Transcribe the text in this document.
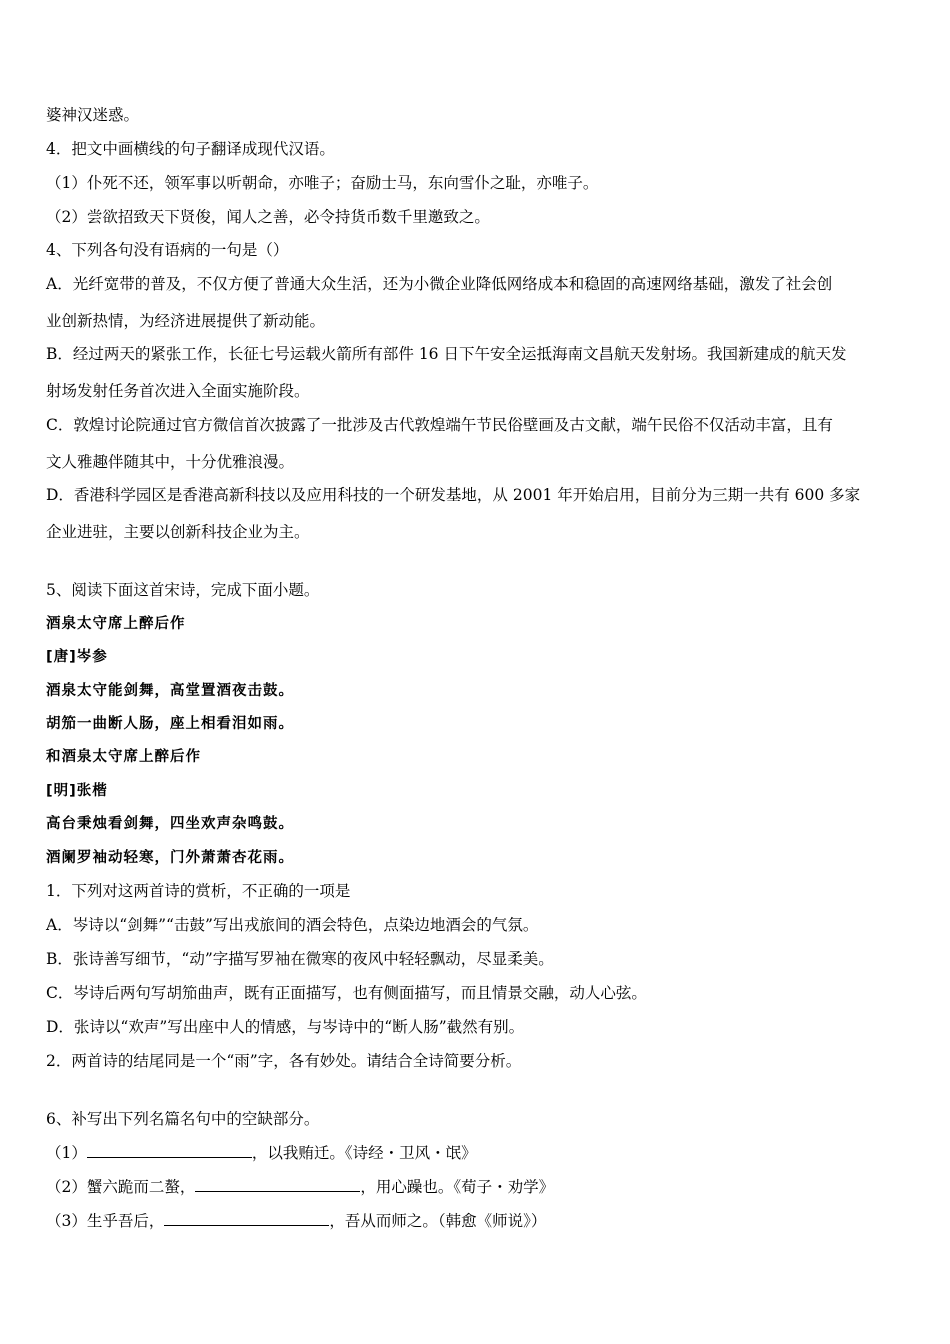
婆神汉迷惑。
4．把文中画横线的句子翻译成现代汉语。
（1）仆死不还，领军事以听朝命，亦唯子；奋励士马，东向雪仆之耻，亦唯子。
（2）尝欲招致天下贤俊，闻人之善，必令持货币数千里邀致之。
4、下列各句没有语病的一句是（）
A．光纤宽带的普及，不仅方便了普通大众生活，还为小微企业降低网络成本和稳固的高速网络基础，激发了社会创
业创新热情，为经济进展提供了新动能。
B．经过两天的紧张工作，长征七号运载火箭所有部件 16 日下午安全运抵海南文昌航天发射场。我国新建成的航天发
射场发射任务首次进入全面实施阶段。
C．敦煌讨论院通过官方微信首次披露了一批涉及古代敦煌端午节民俗壁画及古文献，端午民俗不仅活动丰富，且有
文人雅趣伴随其中，十分优雅浪漫。
D．香港科学园区是香港高新科技以及应用科技的一个研发基地，从 2001 年开始启用，目前分为三期一共有 600 多家
企业进驻，主要以创新科技企业为主。
5、阅读下面这首宋诗，完成下面小题。
酒泉太守席上醉后作
[唐]岑参
酒泉太守能剑舞，高堂置酒夜击鼓。
胡笳一曲断人肠，座上相看泪如雨。
和酒泉太守席上醉后作
[明]张楷
高台秉烛看剑舞，四坐欢声杂鸣鼓。
酒阑罗袖动轻寒，门外萧萧杏花雨。
1．下列对这两首诗的赏析，不正确的一项是
A．岑诗以“剑舞”“击鼓”写出戎旅间的酒会特色，点染边地酒会的气氛。
B．张诗善写细节，“动”字描写罗袖在微寒的夜风中轻轻飘动，尽显柔美。
C．岑诗后两句写胡笳曲声，既有正面描写，也有侧面描写，而且情景交融，动人心弦。
D．张诗以“欢声”写出座中人的情感，与岑诗中的“断人肠”截然有别。
2．两首诗的结尾同是一个“雨”字，各有妙处。请结合全诗简要分析。
6、补写出下列名篇名句中的空缺部分。
（1）	，以我贿迁。《诗经・卫风・氓》
（2）蟹六跪而二螯，	，用心躁也。《荀子・劝学》
（3）生乎吾后，	，吾从而师之。（韩愈《师说》）
